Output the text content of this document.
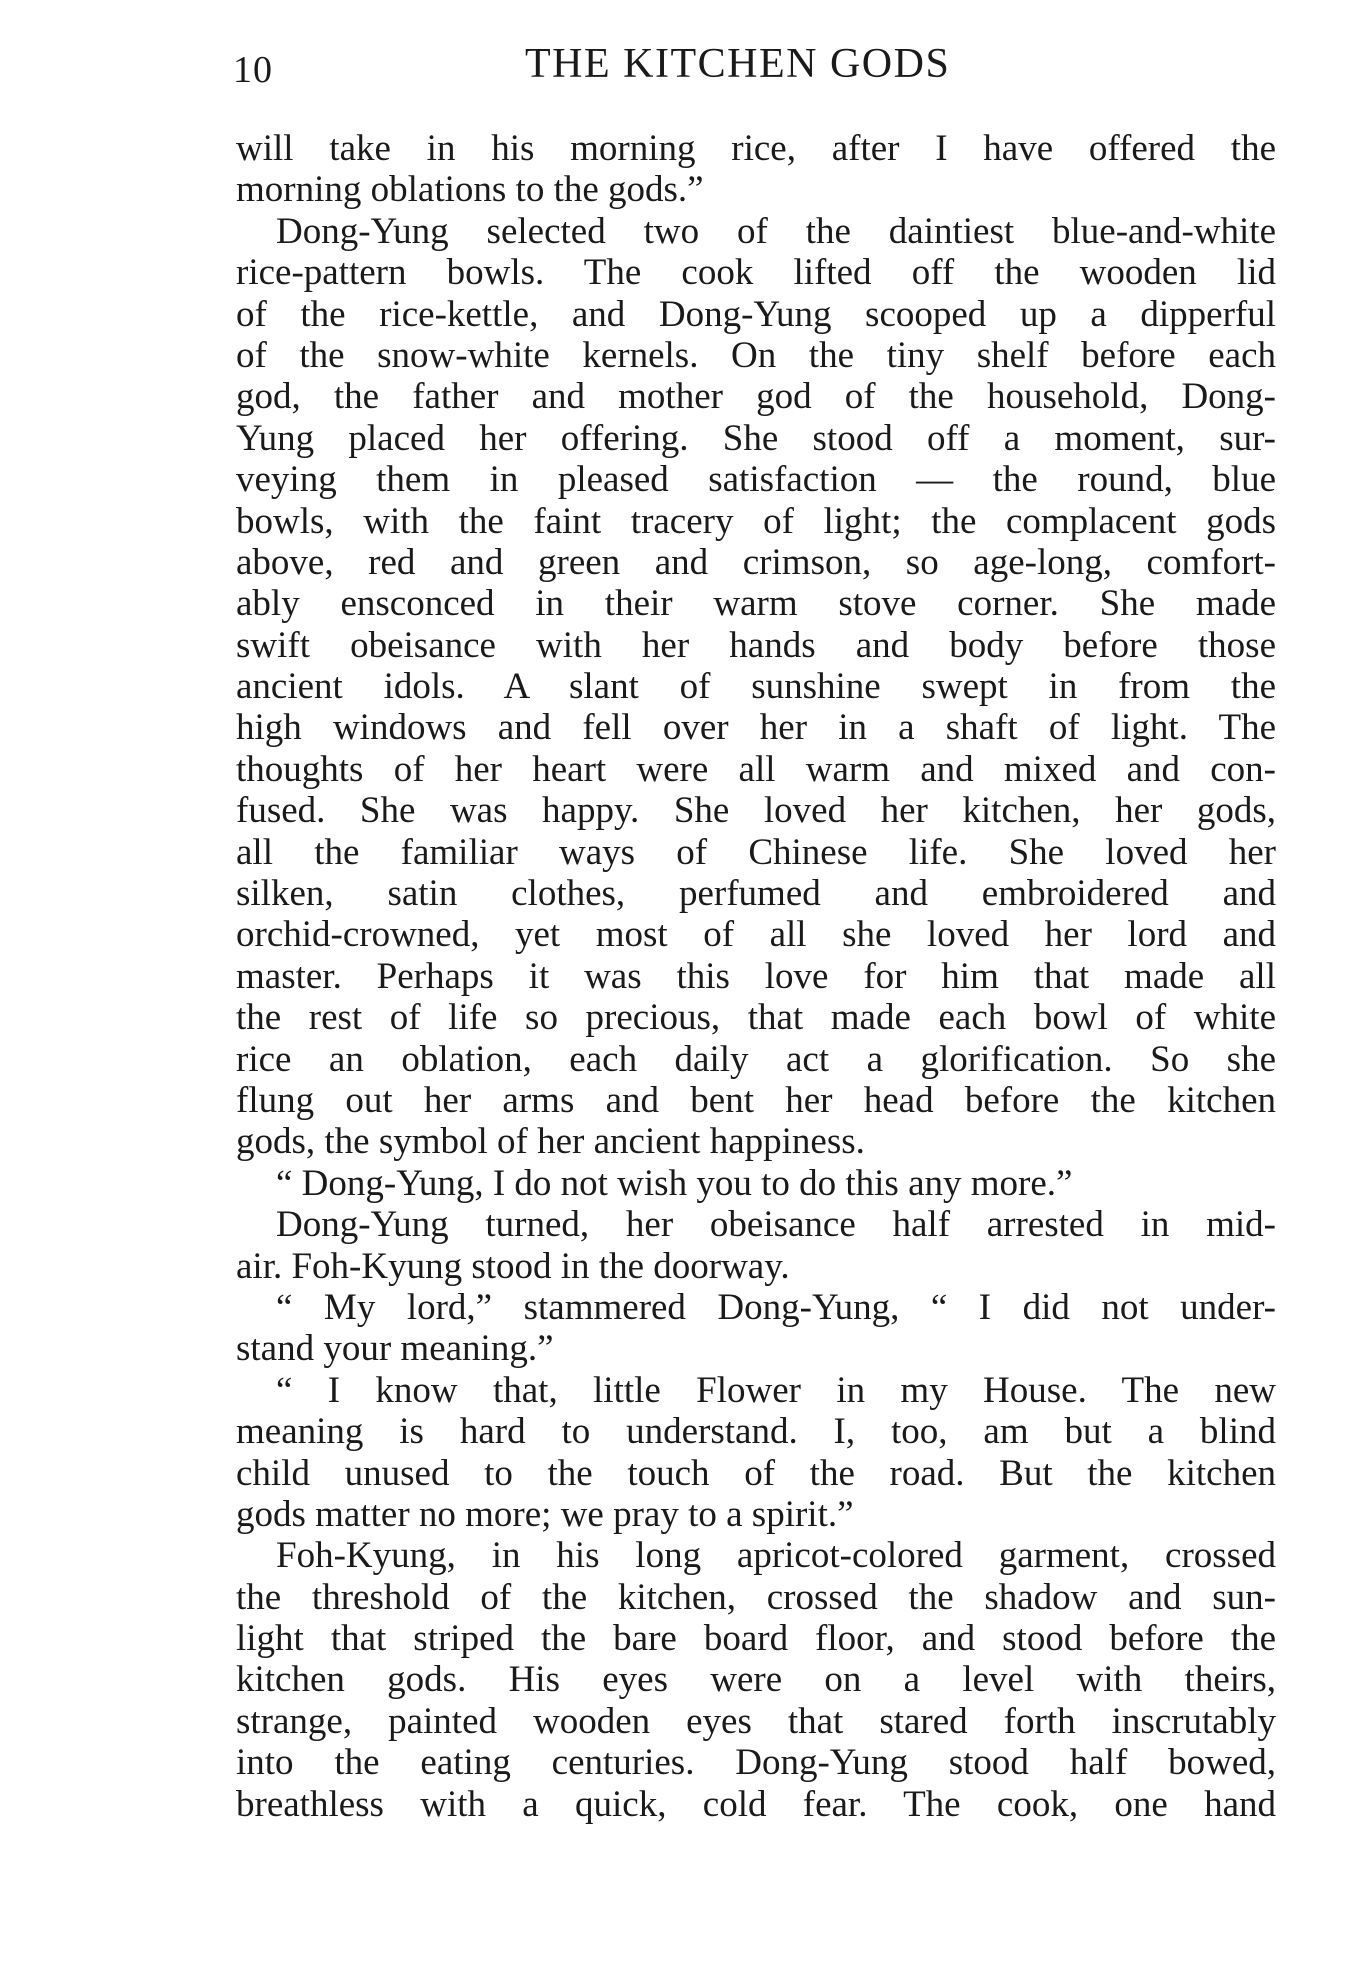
10	THE KITCHEN GODS
will take in his morning rice, after I have offered the
morning oblations to the gods.”
Dong-Yung selected two of the daintiest blue-and-white
rice-pattern bowls. The cook lifted off the wooden lid
of the rice-kettle, and Dong-Yung scooped up a dipperful
of the snow-white kernels. On the tiny shelf before each
god, the father and mother god of the household, Dong-
Yung placed her offering. She stood off a moment, sur-
veying them in pleased satisfaction — the round, blue
bowls, with the faint tracery of light; the complacent gods
above, red and green and crimson, so age-long, comfort-
ably ensconced in their warm stove corner. She made
swift obeisance with her hands and body before those
ancient idols. A slant of sunshine swept in from the
high windows and fell over her in a shaft of light. The
thoughts of her heart were all warm and mixed and con-
fused. She was happy. She loved her kitchen, her gods,
all the familiar ways of Chinese life. She loved her
silken, satin clothes, perfumed and embroidered and
orchid-crowned, yet most of all she loved her lord and
master. Perhaps it was this love for him that made all
the rest of life so precious, that made each bowl of white
rice an oblation, each daily act a glorification. So she
flung out her arms and bent her head before the kitchen
gods, the symbol of her ancient happiness.
“ Dong-Yung, I do not wish you to do this any more.”
Dong-Yung turned, her obeisance half arrested in mid-
air. Foh-Kyung stood in the doorway.
“ My lord,” stammered Dong-Yung, “ I did not under-
stand your meaning.”
“ I know that, little Flower in my House. The new
meaning is hard to understand. I, too, am but a blind
child unused to the touch of the road. But the kitchen
gods matter no more; we pray to a spirit.”
Foh-Kyung, in his long apricot-colored garment, crossed
the threshold of the kitchen, crossed the shadow and sun-
light that striped the bare board floor, and stood before the
kitchen gods. His eyes were on a level with theirs,
strange, painted wooden eyes that stared forth inscrutably
into the eating centuries. Dong-Yung stood half bowed,
breathless with a quick, cold fear. The cook, one hand
